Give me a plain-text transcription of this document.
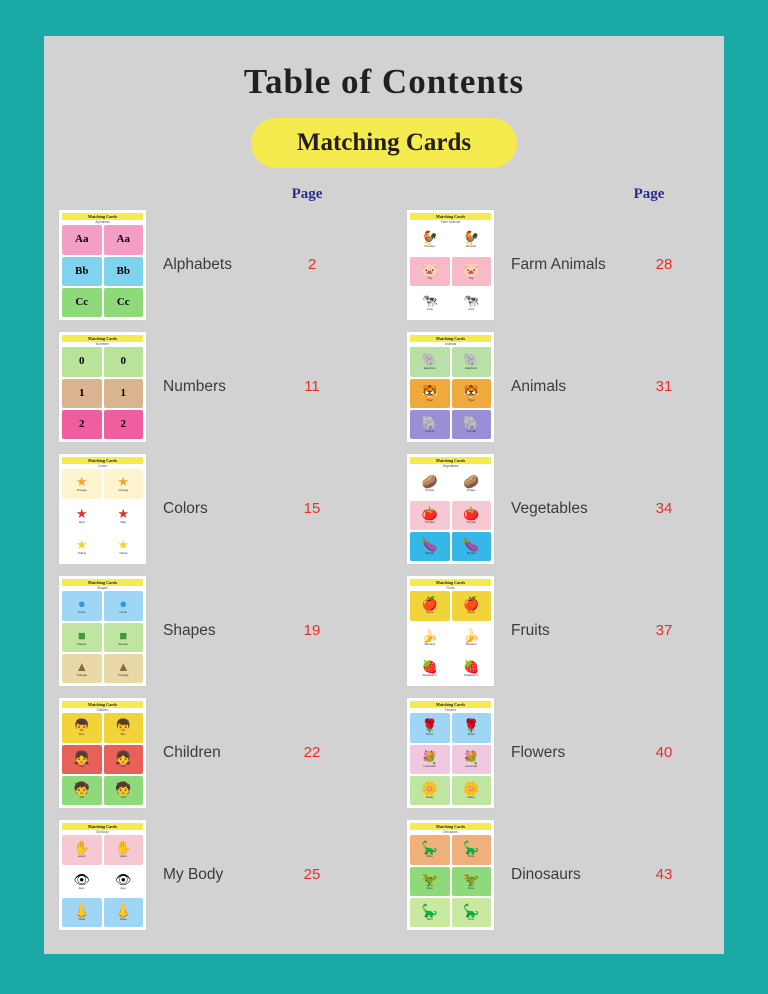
Table of Contents
Matching Cards
Page
Matching Cards
Alphabets
Aa	Aa
Bb	Bb
Cc	Cc
Alphabets	2
Matching Cards
Numbers
0	0
1	1
2	2
Numbers	11
Matching Cards
Colors
★
Orange
★
Orange
★
Red
★
Red
★
Yellow
★
Yellow
Colors	15
Matching Cards
Shapes
●
Circle
●
Circle
■
Square
■
Square
▲
Triangle
▲
Triangle
Shapes	19
Matching Cards
Children
👦
Boy
👦
Boy
👧
Girl
👧
Girl
🧒
Kid
🧒
Kid
Children	22
Matching Cards
My Body
✋
Hand
✋
Hand
👁
Eye
👁
Eye
👃
Nose
👃
Nose
My Body	25
Page
Matching Cards
Farm Animals
🐓
Rooster
🐓
Rooster
🐷
Pig
🐷
Pig
🐄
Cow
🐄
Cow
Farm Animals	28
Matching Cards
Animals
🐘
Elephant
🐘
Elephant
🐯
Tiger
🐯
Tiger
🐘
Animal
🐘
Animal
Animals	31
Matching Cards
Vegetables
🥔
Potato
🥔
Potato
🍅
Tomato
🍅
Tomato
🍆
Brinjal
🍆
Brinjal
Vegetables	34
Matching Cards
Fruits
🍎
Apple
🍎
Apple
🍌
Banana
🍌
Banana
🍓
Strawberry
🍓
Strawberry
Fruits	37
Matching Cards
Flowers
🌹
Rose
🌹
Rose
💐
Lavender
💐
Lavender
🌼
Daisy
🌼
Daisy
Flowers	40
Matching Cards
Dinosaurs
🦕
Dino
🦕
Dino
🦖
Dino
🦖
Dino
🦕
Dino
🦕
Dino
Dinosaurs	43
